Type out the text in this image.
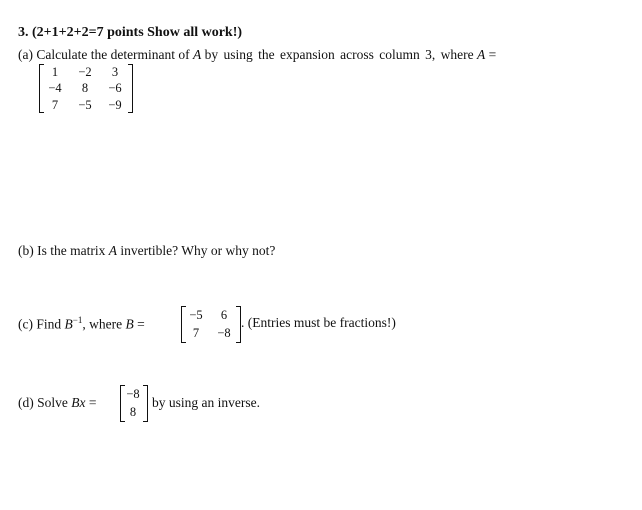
3. (2+1+2+2=7 points Show all work!)
(a) Calculate the determinant of A by using the expansion across column 3, where A =
1	−2	3
−4	8	−6
7	−5	−9
(b) Is the matrix A invertible? Why or why not?
(c) Find $B^{-1}$, where B =
−5	6
7	−8
. (Entries must be fractions!)
(d) Solve Bx =
−8
8
by using an inverse.
